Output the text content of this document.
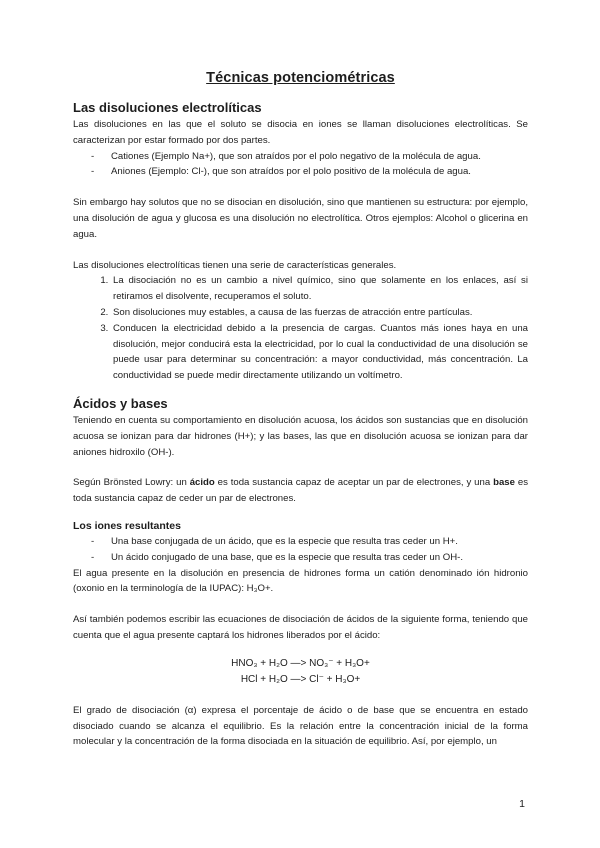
Técnicas potenciométricas
Las disoluciones electrolíticas

Las disoluciones en las que el soluto se disocia en iones se llaman disoluciones electrolíticas. Se caracterizan por estar formado por dos partes.

- Cationes (Ejemplo Na+), que son atraídos por el polo negativo de la molécula de agua.
- Aniones (Ejemplo: Cl-), que son atraídos por el polo positivo de la molécula de agua.

Sin embargo hay solutos que no se disocian en disolución, sino que mantienen su estructura: por ejemplo, una disolución de agua y glucosa es una disolución no electrolítica. Otros ejemplos: Alcohol o glicerina en agua.

Las disoluciones electrolíticas tienen una serie de características generales.

1. La disociación no es un cambio a nivel químico, sino que solamente en los enlaces, así si retiramos el disolvente, recuperamos el soluto.
2. Son disoluciones muy estables, a causa de las fuerzas de atracción entre partículas.
3. Conducen la electricidad debido a la presencia de cargas. Cuantos más iones haya en una disolución, mejor conducirá esta la electricidad, por lo cual la conductividad de una disolución se puede usar para determinar su concentración: a mayor conductividad, más concentración. La conductividad se puede medir directamente utilizando un voltímetro.
Ácidos y bases

Teniendo en cuenta su comportamiento en disolución acuosa, los ácidos son sustancias que en disolución acuosa se ionizan para dar hidrones (H+); y las bases, las que en disolución acuosa se ionizan para dar aniones hidroxilo (OH-).

Según Brönsted Lowry: un ácido es toda sustancia capaz de aceptar un par de electrones, y una base es toda sustancia capaz de ceder un par de electrones.

Los iones resultantes
- Una base conjugada de un ácido, que es la especie que resulta tras ceder un H+.
- Un ácido conjugado de una base, que es la especie que resulta tras ceder un OH-.

El agua presente en la disolución en presencia de hidrones forma un catión denominado ión hidronio (oxonio en la terminología de la IUPAC): H₃O+.

Así también podemos escribir las ecuaciones de disociación de ácidos de la siguiente forma, teniendo que cuenta que el agua presente captará los hidrones liberados por el ácido:

HNO₃ + H₂O —> NO₃⁻ + H₃O+
HCl + H₂O —> Cl⁻ + H₃O+

El grado de disociación (α) expresa el porcentaje de ácido o de base que se encuentra en estado disociado cuando se alcanza el equilibrio. Es la relación entre la concentración inicial de la forma molecular y la concentración de la forma disociada en la situación de equilibrio. Así, por ejemplo, un

1
